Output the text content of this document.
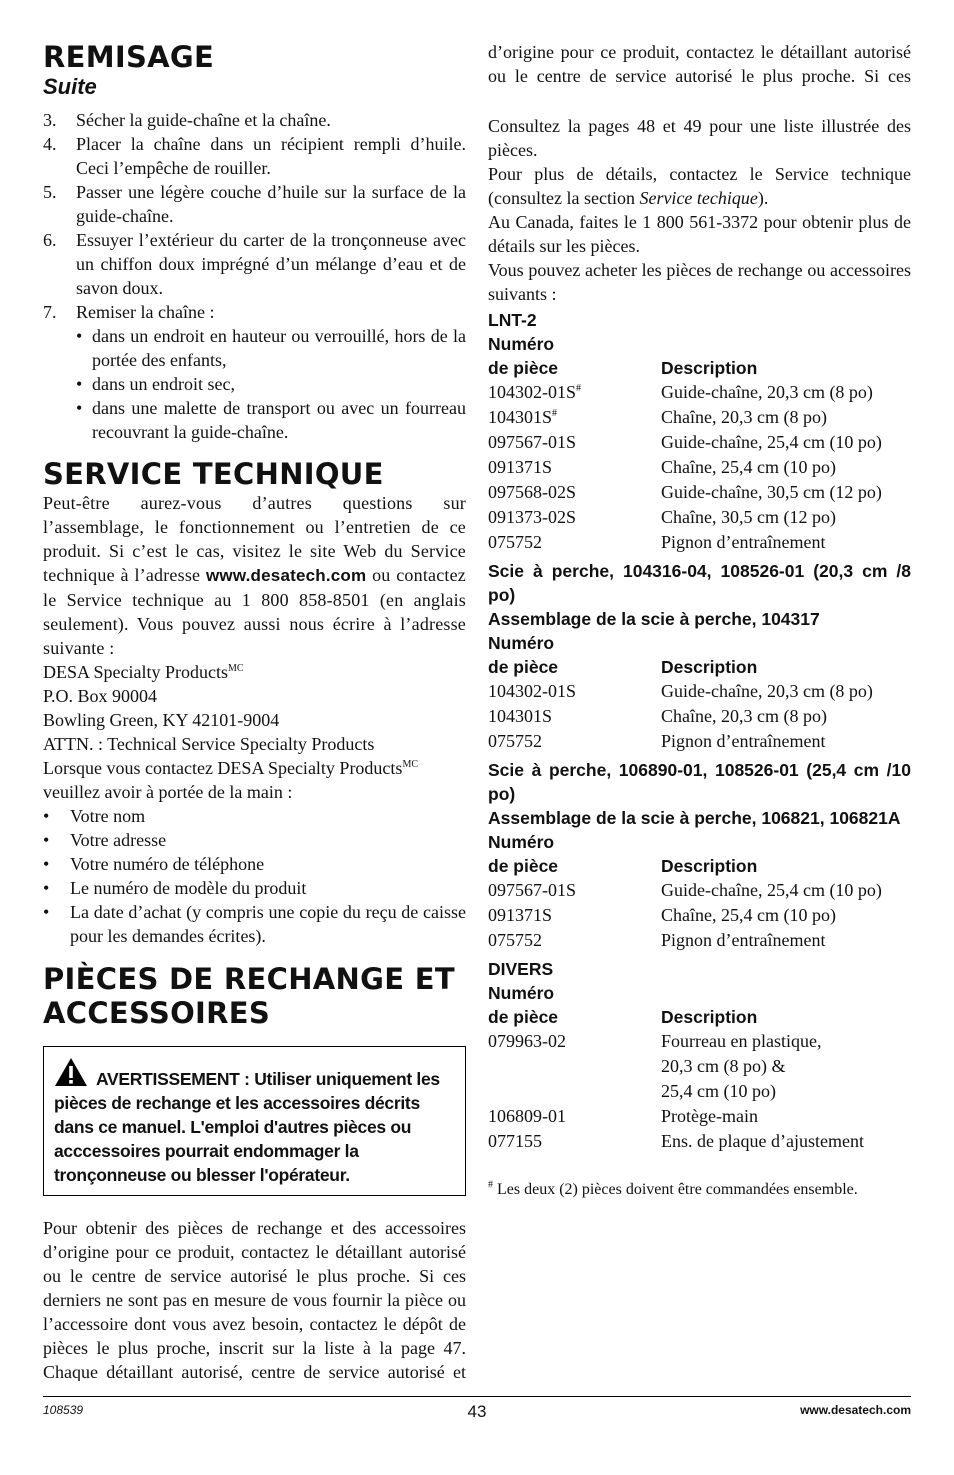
REMISAGE
Suite
3. Sécher la guide-chaîne et la chaîne.
4. Placer la chaîne dans un récipient rempli d’huile. Ceci l’empêche de rouiller.
5. Passer une légère couche d’huile sur la surface de la guide-chaîne.
6. Essuyer l’extérieur du carter de la tronçonneuse avec un chiffon doux imprégné d’un mélange d’eau et de savon doux.
7. Remiser la chaîne :
• dans un endroit en hauteur ou verrouillé, hors de la portée des enfants,
• dans un endroit sec,
• dans une malette de transport ou avec un fourreau recouvrant la guide-chaîne.
SERVICE TECHNIQUE

Peut-être aurez-vous d’autres questions sur l’assemblage, le fonctionnement ou l’entretien de ce produit. Si c’est le cas, visitez le site Web du Service technique à l’adresse www.desatech.com ou contactez le Service technique au 1 800 858-8501 (en anglais seulement). Vous pouvez aussi nous écrire à l’adresse suivante :

DESA Specialty Products$^{MC}$

P.O. Box 90004

Bowling Green, KY 42101-9004

ATTN. : Technical Service Specialty Products

Lorsque vous contactez DESA Specialty Products$^{MC}$
veuillez avoir à portée de la main :

• Votre nom
• Votre adresse
• Votre numéro de téléphone
• Le numéro de modèle du produit
• La date d’achat (y compris une copie du reçu de caisse pour les demandes écrites).
PIÈCES DE RECHANGE ET
ACCESSOIRES
AVERTISSEMENT : Utiliser uniquement les pièces de rechange et les accessoires décrits dans ce manuel. L'emploi d'autres pièces ou acccessoires pourrait endommager la tronçonneuse ou blesser l'opérateur.

Pour obtenir des pièces de rechange et des accessoires d’origine pour ce produit, contactez le détaillant autorisé ou le centre de service autorisé le plus proche. Si ces derniers ne sont pas en mesure de vous fournir la pièce ou l’accessoire dont vous avez besoin, contactez le dépôt de pièces le plus proche, inscrit sur la liste à la page 47. Chaque détaillant autorisé, centre de service autorisé et

d’origine pour ce produit, contactez le détaillant autorisé ou le centre de service autorisé le plus proche. Si ces

Consultez la pages 48 et 49 pour une liste illustrée des pièces.

Pour plus de détails, contactez le Service technique (consultez la section Service techique).

Au Canada, faites le 1 800 561-3372 pour obtenir plus de détails sur les pièces.

Vous pouvez acheter les pièces de rechange ou accessoires suivants :

LNT-2
Numéro	
de pièce	Description
104302-01S#	Guide-chaîne, 20,3 cm (8 po)
104301S#	Chaîne, 20,3 cm (8 po)
097567-01S	Guide-chaîne, 25,4 cm (10 po)
091371S	Chaîne, 25,4 cm (10 po)
097568-02S	Guide-chaîne, 30,5 cm (12 po)
091373-02S	Chaîne, 30,5 cm (12 po)
075752	Pignon d’entraînement
Scie à perche, 104316-04, 108526-01 (20,3 cm /8 po)
Assemblage de la scie à perche, 104317
Numéro	
de pièce	Description
104302-01S	Guide-chaîne, 20,3 cm (8 po)
104301S	Chaîne, 20,3 cm (8 po)
075752	Pignon d’entraînement
Scie à perche, 106890-01, 108526-01 (25,4 cm /10 po)
Assemblage de la scie à perche, 106821, 106821A
Numéro	
de pièce	Description
097567-01S	Guide-chaîne, 25,4 cm (10 po)
091371S	Chaîne, 25,4 cm (10 po)
075752	Pignon d’entraînement
DIVERS
Numéro	
de pièce	Description
079963-02	Fourreau en plastique,
20,3 cm (8 po) &
25,4 cm (10 po)
106809-01	Protège-main
077155	Ens. de plaque d’ajustement
# Les deux (2) pièces doivent être commandées ensemble.
108539	43	www.desatech.com
